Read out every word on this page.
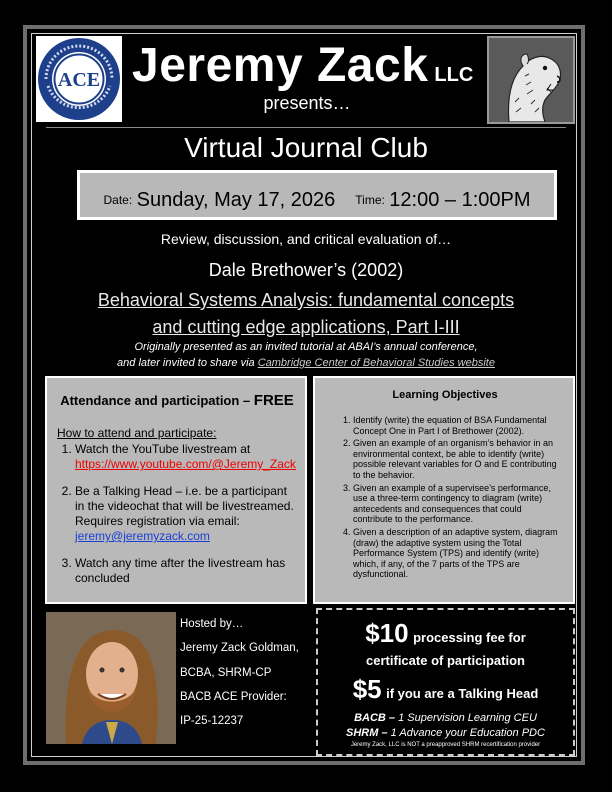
ACE Jeremy Zack LLC
presents…
Virtual Journal Club
Date:
Sunday, May 17, 2026 Time:
12:00 – 1:00PM
Review, discussion, and critical evaluation of…
Dale Brethower’s (2002)
Behavioral Systems Analysis: fundamental concepts
and cutting edge applications, Part I-III
Originally presented as an invited tutorial at ABAI’s annual conference,
and later invited to share via Cambridge Center of Behavioral Studies website
Attendance and participation – FREE
How to attend and participate:
1. Watch the YouTube livestream at
https://www.youtube.com/@Jeremy_Zack
2. Be a Talking Head – i.e. be a participant in the videochat that will be livestreamed. Requires registration via email:
jeremy@jeremyzack.com
3. Watch any time after the livestream has concluded
Learning Objectives
1. Identify (write) the equation of BSA Fundamental Concept One in Part I of Brethower (2002).
2. Given an example of an organism’s behavior in an environmental context, be able to identify (write) possible relevant variables for O and E contributing to the behavior.
3. Given an example of a supervisee’s performance, use a three-term contingency to diagram (write) antecedents and consequences that could contribute to the performance.
4. Given a description of an adaptive system, diagram (draw) the adaptive system using the Total Performance System (TPS) and identify (write) which, if any, of the 7 parts of the TPS are dysfunctional.
Hosted by…
Jeremy Zack Goldman,
BCBA, SHRM-CP
BACB ACE Provider:
IP-25-12237
$10 processing fee for
certificate of participation
$5 if you are a Talking Head
BACB – 1 Supervision Learning CEU
SHRM – 1 Advance your Education PDC
Jeremy Zack, LLC is NOT a preapproved SHRM recertification provider
